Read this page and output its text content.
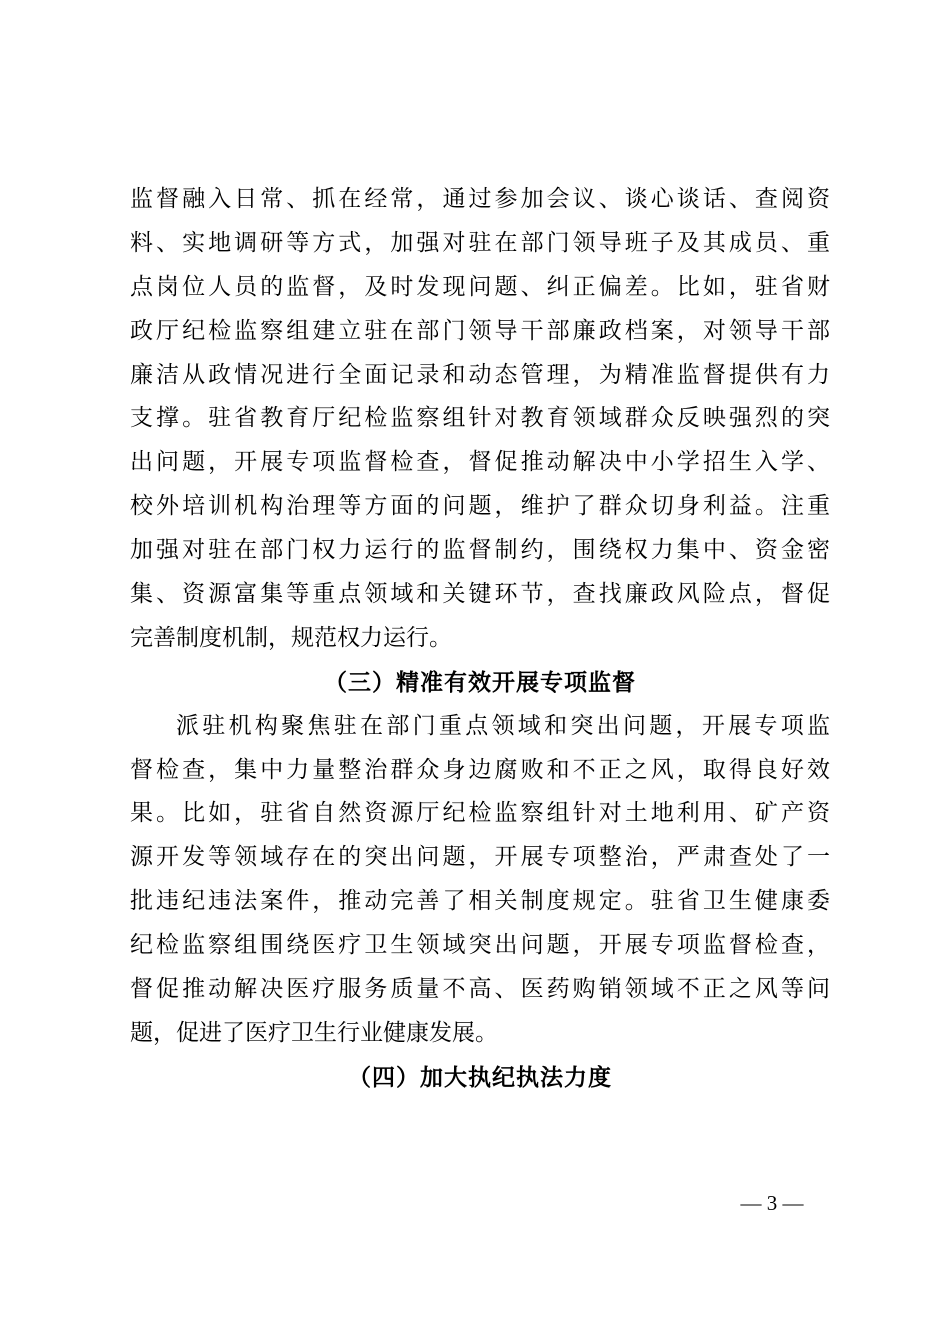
监督融入日常、抓在经常，通过参加会议、谈心谈话、查阅资
料、实地调研等方式，加强对驻在部门领导班子及其成员、重
点岗位人员的监督，及时发现问题、纠正偏差。比如，驻省财
政厅纪检监察组建立驻在部门领导干部廉政档案，对领导干部
廉洁从政情况进行全面记录和动态管理，为精准监督提供有力
支撑。驻省教育厅纪检监察组针对教育领域群众反映强烈的突
出问题，开展专项监督检查，督促推动解决中小学招生入学、
校外培训机构治理等方面的问题，维护了群众切身利益。注重
加强对驻在部门权力运行的监督制约，围绕权力集中、资金密
集、资源富集等重点领域和关键环节，查找廉政风险点，督促
完善制度机制，规范权力运行。
（三）精准有效开展专项监督
派驻机构聚焦驻在部门重点领域和突出问题，开展专项监
督检查，集中力量整治群众身边腐败和不正之风，取得良好效
果。比如，驻省自然资源厅纪检监察组针对土地利用、矿产资
源开发等领域存在的突出问题，开展专项整治，严肃查处了一
批违纪违法案件，推动完善了相关制度规定。驻省卫生健康委
纪检监察组围绕医疗卫生领域突出问题，开展专项监督检查，
督促推动解决医疗服务质量不高、医药购销领域不正之风等问
题，促进了医疗卫生行业健康发展。
（四）加大执纪执法力度
— 3 —
